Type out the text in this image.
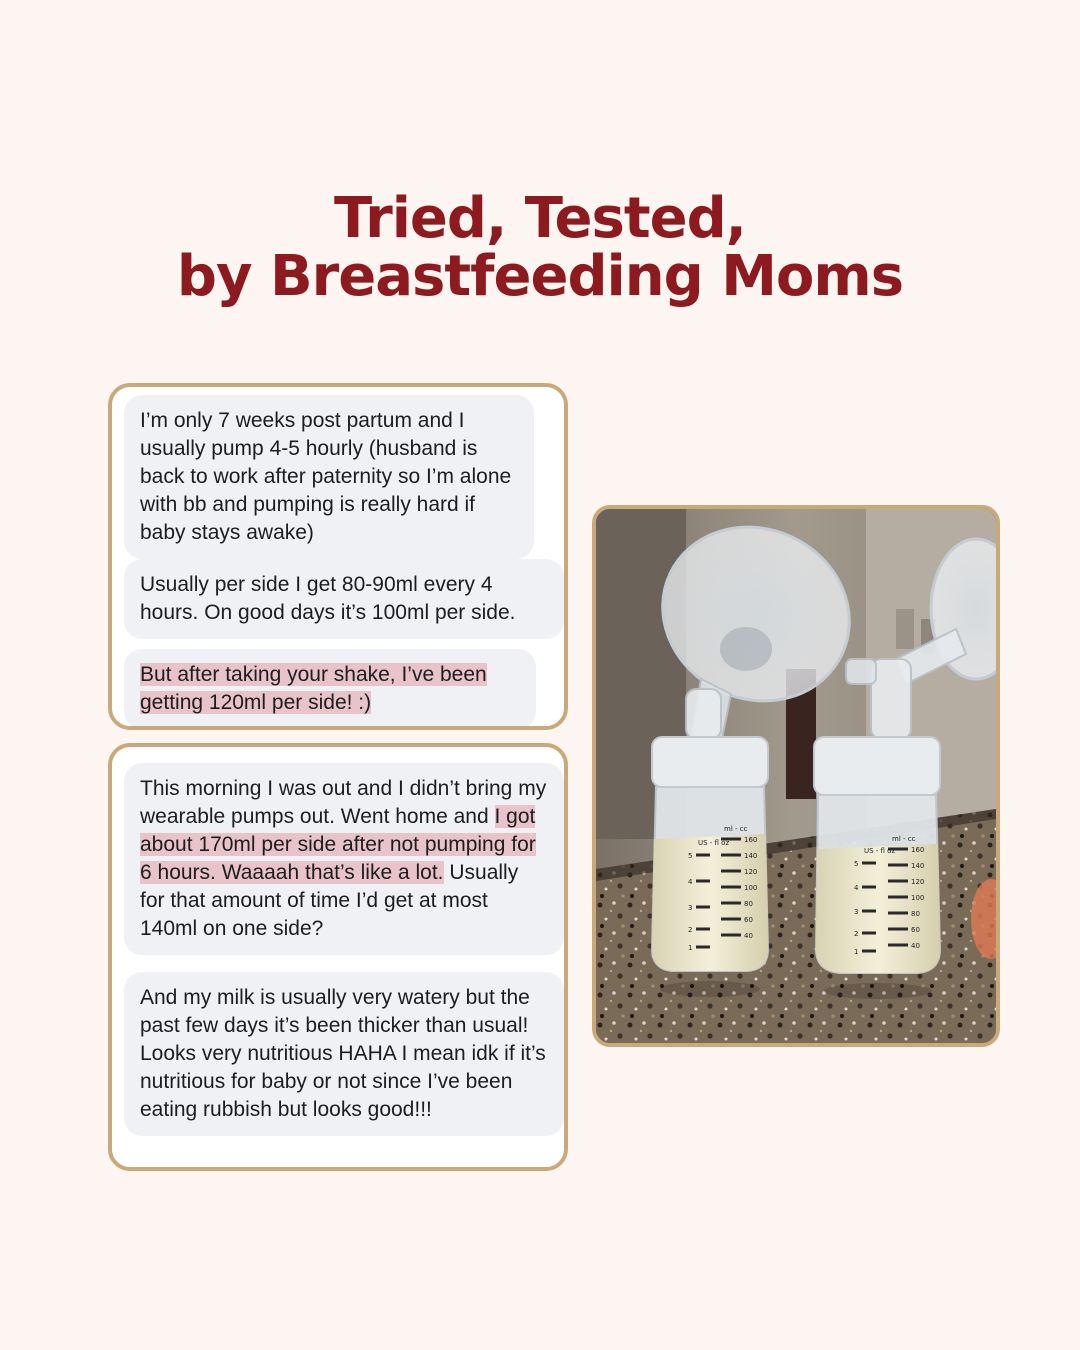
Tried, Tested,
by Breastfeeding Moms
I’m only 7 weeks post partum and I usually pump 4-5 hourly (husband is back to work after paternity so I’m alone with bb and pumping is really hard if baby stays awake)
Usually per side I get 80-90ml every 4 hours. On good days it’s 100ml per side.
But after taking your shake, I’ve been
getting 120ml per side! :)
This morning I was out and I didn’t bring my wearable pumps out. Went home and I got about 170ml per side after not pumping for 6 hours. Waaaah that’s like a lot. Usually for that amount of time I’d get at most 140ml on one side?
And my milk is usually very watery but the past few days it’s been thicker than usual! Looks very nutritious HAHA I mean idk if it’s nutritious for baby or not since I’ve been eating rubbish but looks good!!!
US - fl oz
ml - cc
160
140
120
100
80
60
40
5
4
3
2
1
US - fl oz
ml - cc
160
140
120
100
80
60
40
5
4
3
2
1
